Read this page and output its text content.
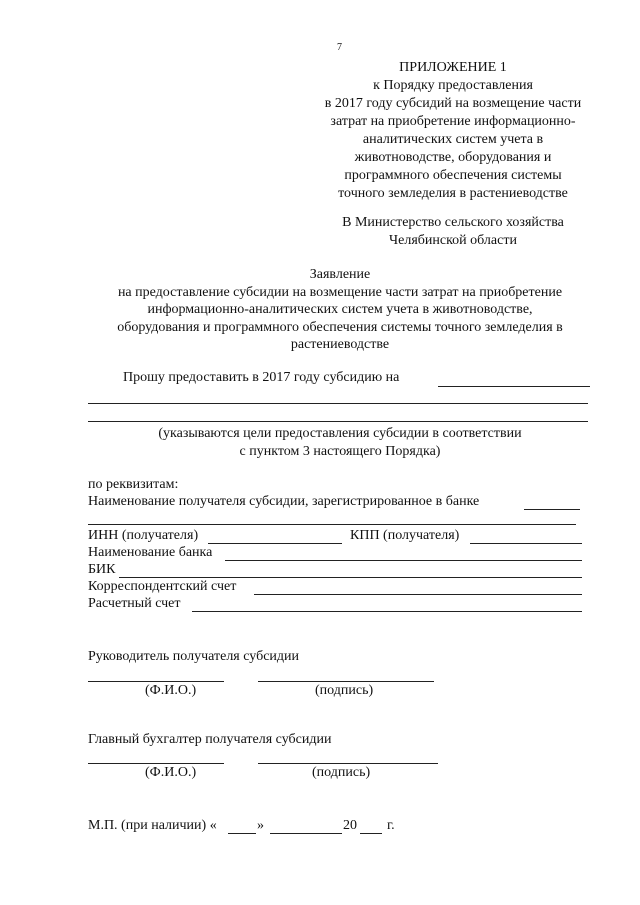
7
ПРИЛОЖЕНИЕ 1
к Порядку предоставления
в 2017 году субсидий на возмещение части
затрат на приобретение информационно-
аналитических систем учета в
животноводстве, оборудования и
программного обеспечения системы
точного земледелия в растениеводстве
В Министерство сельского хозяйства
Челябинской области
Заявление
на предоставление субсидии на возмещение части затрат на приобретение
информационно-аналитических систем учета в животноводстве,
оборудования и программного обеспечения системы точного земледелия в
растениеводстве
Прошу предоставить в 2017 году субсидию на
(указываются цели предоставления субсидии в соответствии
с пунктом 3 настоящего Порядка)
по реквизитам:
Наименование получателя субсидии, зарегистрированное в банке
ИНН (получателя)	КПП (получателя)
Наименование банка
БИК
Корреспондентский счет
Расчетный счет
Руководитель получателя субсидии
(Ф.И.О.)	(подпись)
Главный бухгалтер получателя субсидии
(Ф.И.О.)	(подпись)
М.П. (при наличии) «	»	20 г.
